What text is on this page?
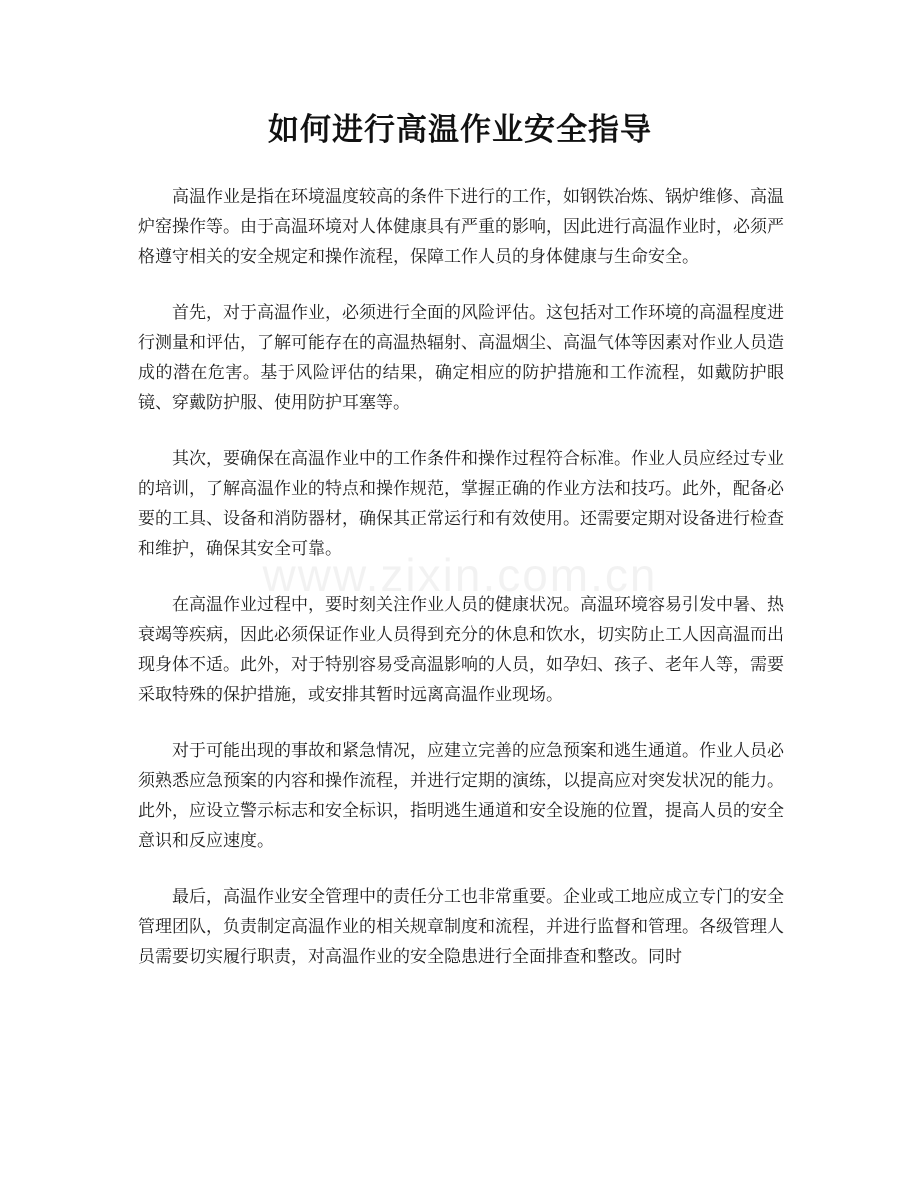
如何进行高温作业安全指导

高温作业是指在环境温度较高的条件下进行的工作，如钢铁冶炼、锅炉维修、高温炉窑操作等。由于高温环境对人体健康具有严重的影响，因此进行高温作业时，必须严格遵守相关的安全规定和操作流程，保障工作人员的身体健康与生命安全。

首先，对于高温作业，必须进行全面的风险评估。这包括对工作环境的高温程度进行测量和评估，了解可能存在的高温热辐射、高温烟尘、高温气体等因素对作业人员造成的潜在危害。基于风险评估的结果，确定相应的防护措施和工作流程，如戴防护眼镜、穿戴防护服、使用防护耳塞等。

其次，要确保在高温作业中的工作条件和操作过程符合标准。作业人员应经过专业的培训，了解高温作业的特点和操作规范，掌握正确的作业方法和技巧。此外，配备必要的工具、设备和消防器材，确保其正常运行和有效使用。还需要定期对设备进行检查和维护，确保其安全可靠。

在高温作业过程中，要时刻关注作业人员的健康状况。高温环境容易引发中暑、热衰竭等疾病，因此必须保证作业人员得到充分的休息和饮水，切实防止工人因高温而出现身体不适。此外，对于特别容易受高温影响的人员，如孕妇、孩子、老年人等，需要采取特殊的保护措施，或安排其暂时远离高温作业现场。

对于可能出现的事故和紧急情况，应建立完善的应急预案和逃生通道。作业人员必须熟悉应急预案的内容和操作流程，并进行定期的演练，以提高应对突发状况的能力。此外，应设立警示标志和安全标识，指明逃生通道和安全设施的位置，提高人员的安全意识和反应速度。

最后，高温作业安全管理中的责任分工也非常重要。企业或工地应成立专门的安全管理团队，负责制定高温作业的相关规章制度和流程，并进行监督和管理。各级管理人员需要切实履行职责，对高温作业的安全隐患进行全面排查和整改。同时

www.zixin.com.cn
